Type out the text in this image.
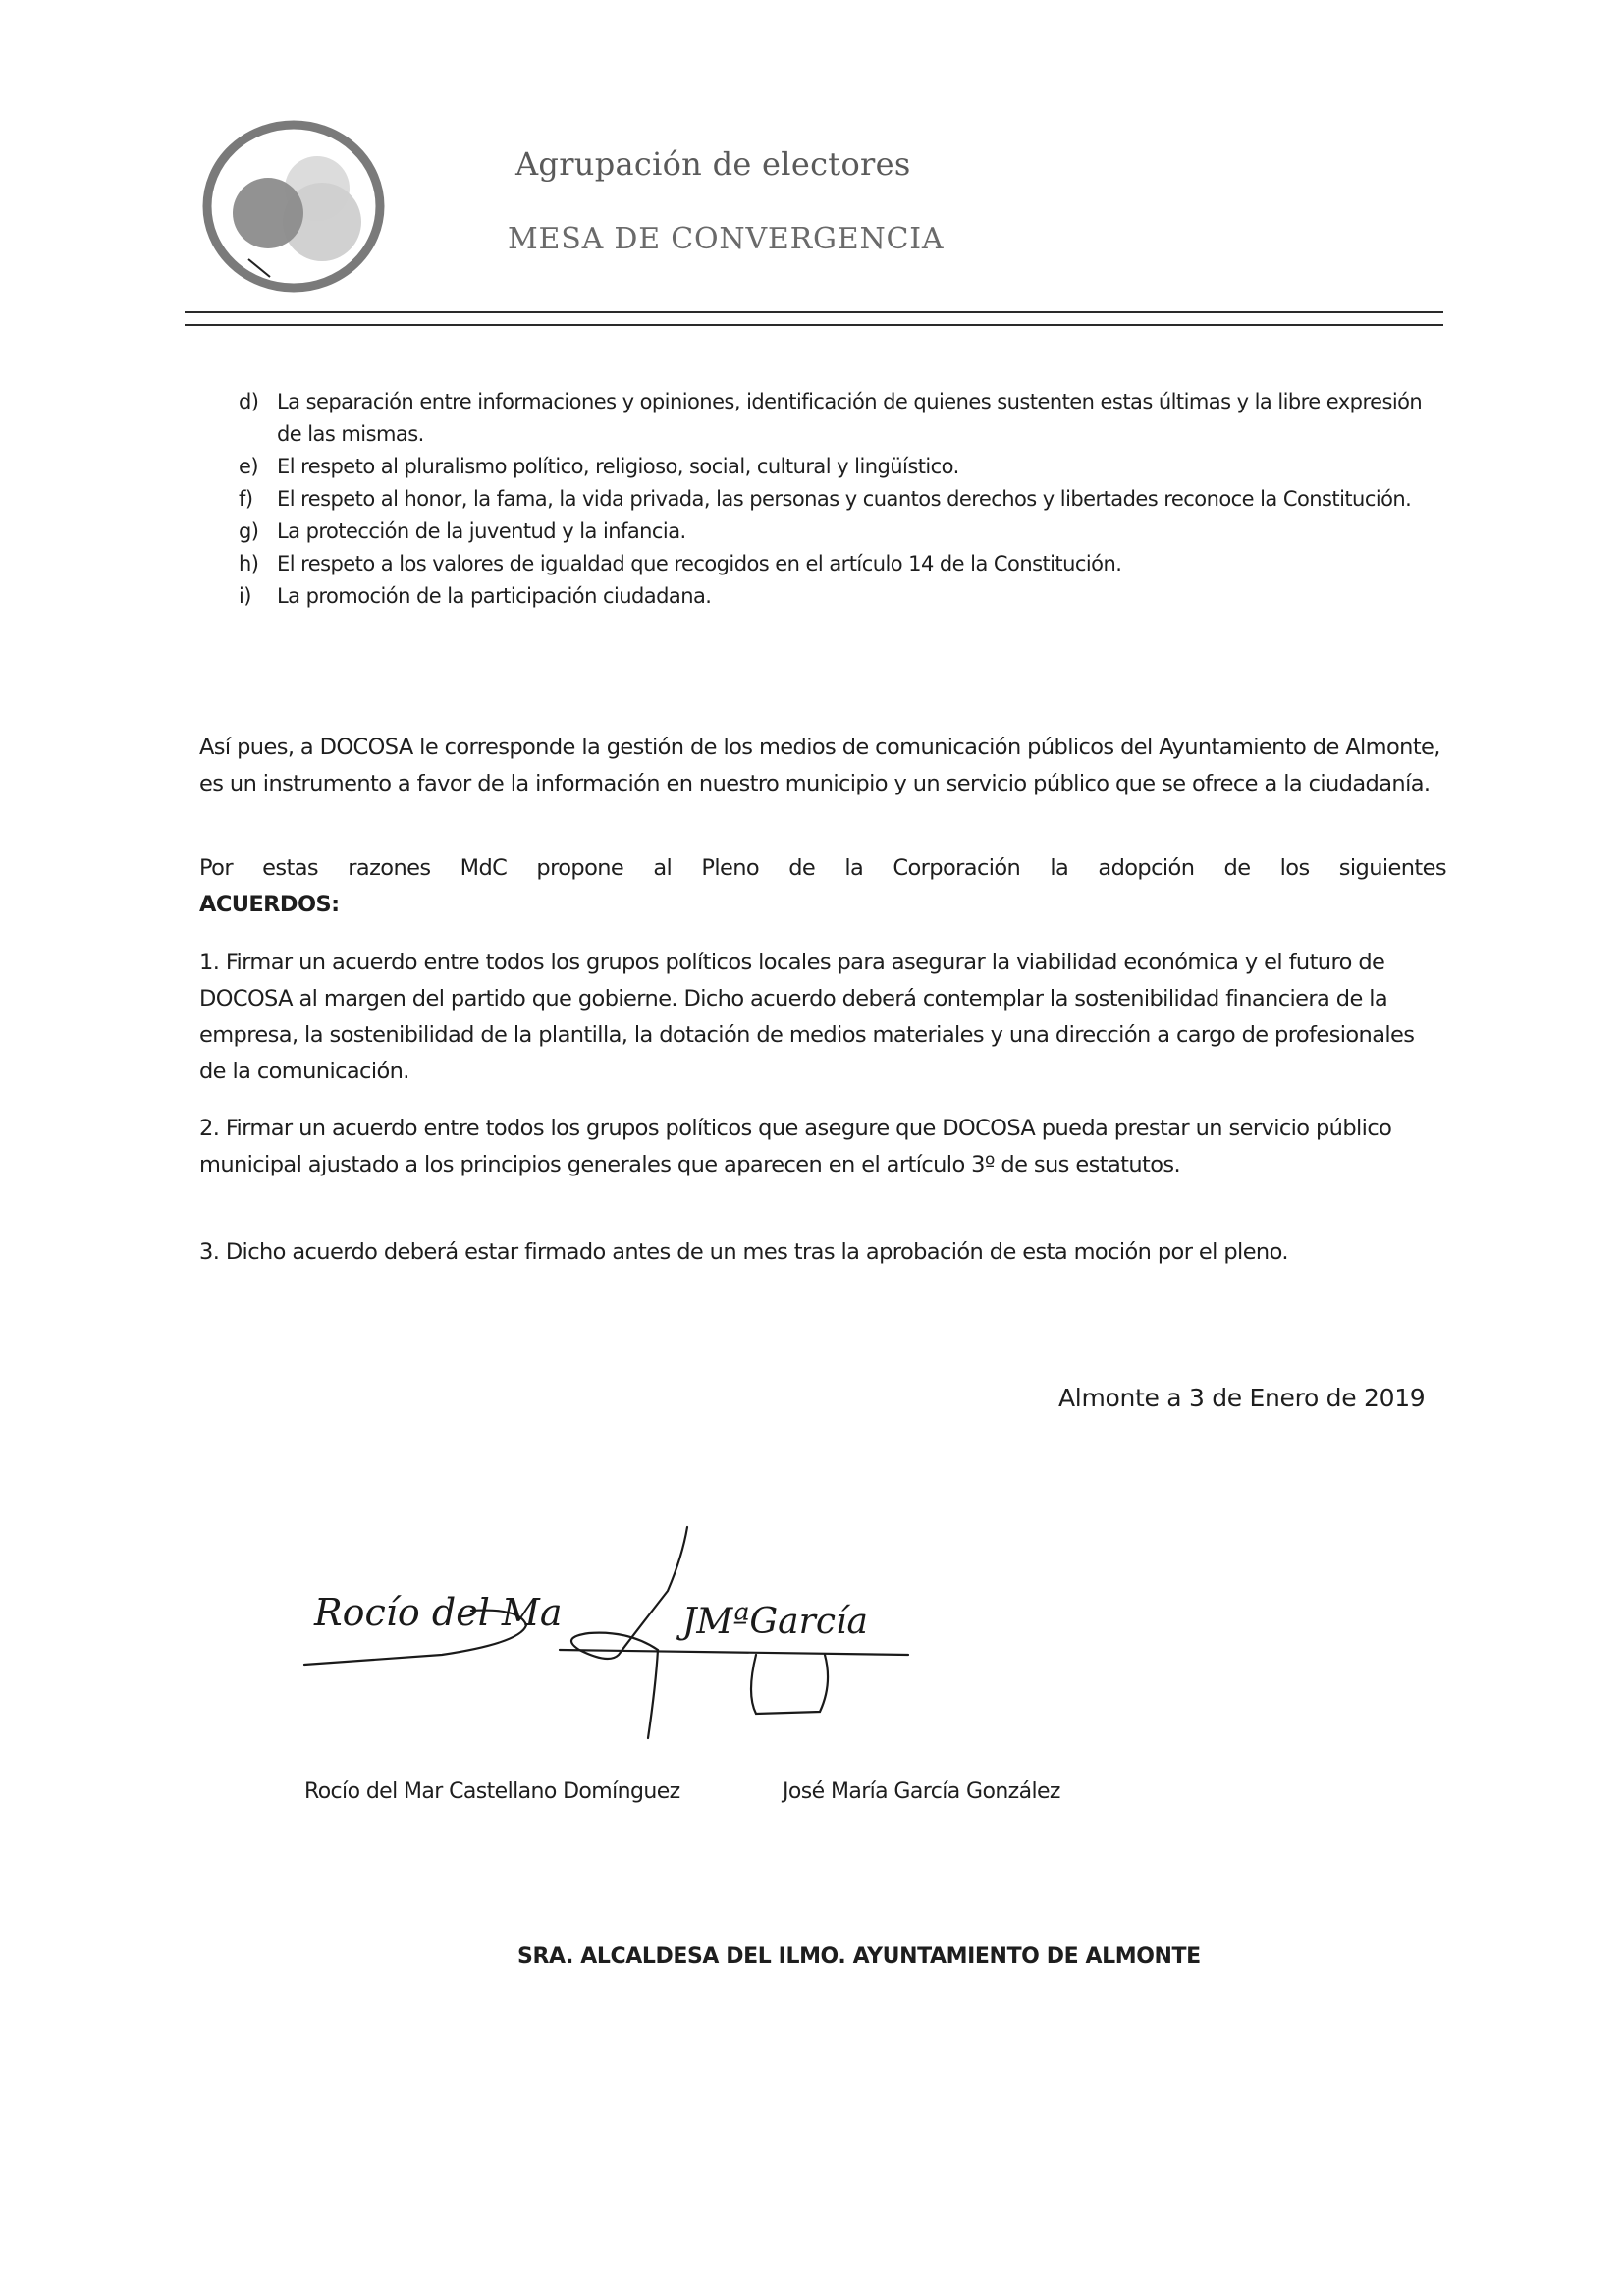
Agrupación de electores
MESA DE CONVERGENCIA
d) La separación entre informaciones y opiniones, identificación de quienes sustenten estas últimas y la libre expresión de las mismas.
e) El respeto al pluralismo político, religioso, social, cultural y lingüístico.
f) El respeto al honor, la fama, la vida privada, las personas y cuantos derechos y libertades reconoce la Constitución.
g) La protección de la juventud y la infancia.
h) El respeto a los valores de igualdad que recogidos en el artículo 14 de la Constitución.
i) La promoción de la participación ciudadana.
Así pues, a DOCOSA le corresponde la gestión de los medios de comunicación públicos del Ayuntamiento de Almonte, es un instrumento a favor de la información en nuestro municipio y un servicio público que se ofrece a la ciudadanía.
Por estas razones MdC propone al Pleno de la Corporación la adopción de los siguientes
ACUERDOS:
1. Firmar un acuerdo entre todos los grupos políticos locales para asegurar la viabilidad económica y el futuro de DOCOSA al margen del partido que gobierne. Dicho acuerdo deberá contemplar la sostenibilidad financiera de la empresa, la sostenibilidad de la plantilla, la dotación de medios materiales y una dirección a cargo de profesionales de la comunicación.
2. Firmar un acuerdo entre todos los grupos políticos que asegure que DOCOSA pueda prestar un servicio público municipal ajustado a los principios generales que aparecen en el artículo 3º de sus estatutos.
3. Dicho acuerdo deberá estar firmado antes de un mes tras la aprobación de esta moción por el pleno.
Almonte a 3 de Enero de 2019
Rocío del Ma	JMªGarcía
Rocío del Mar Castellano Domínguez	José María García González
SRA. ALCALDESA DEL ILMO. AYUNTAMIENTO DE ALMONTE
